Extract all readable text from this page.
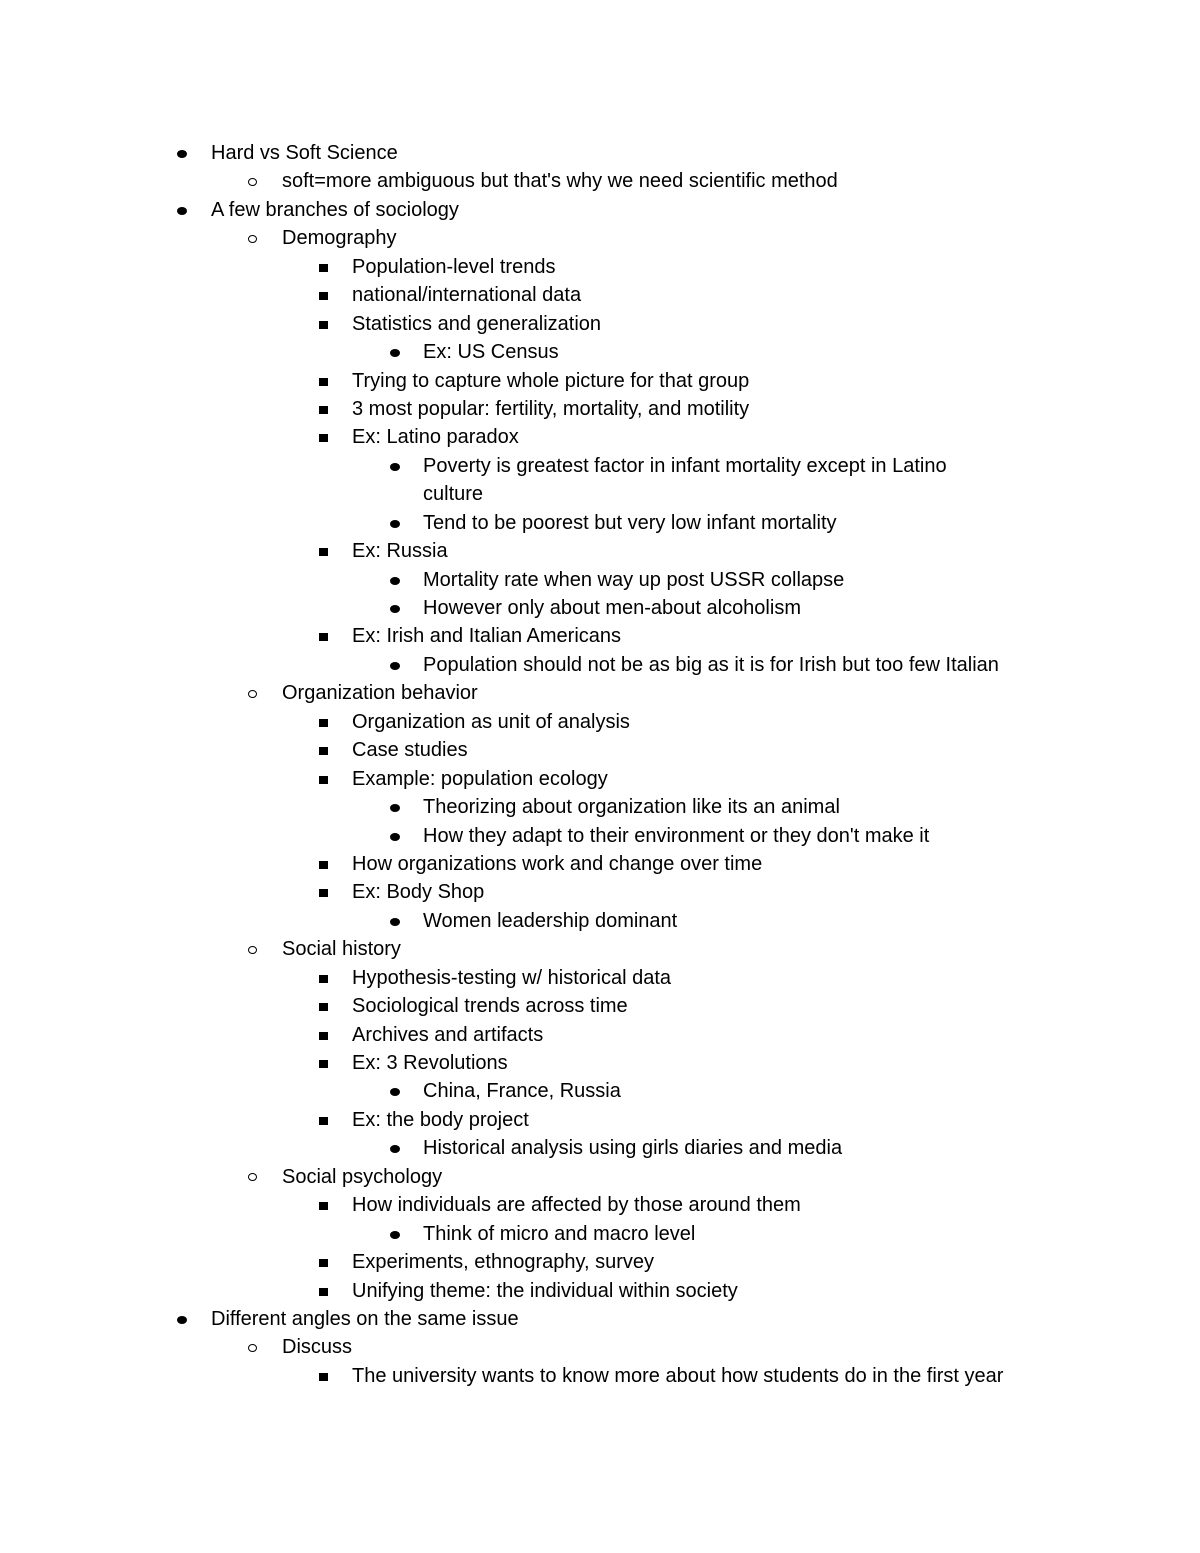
Hard vs Soft Science
soft=more ambiguous but that's why we need scientific method
A few branches of sociology
Demography
Population-level trends
national/international data
Statistics and generalization
Ex: US Census
Trying to capture whole picture for that group
3 most popular: fertility, mortality, and motility
Ex: Latino paradox
Poverty is greatest factor in infant mortality except in Latino
culture
Tend to be poorest but very low infant mortality
Ex: Russia
Mortality rate when way up post USSR collapse
However only about men-about alcoholism
Ex: Irish and Italian Americans
Population should not be as big as it is for Irish but too few Italian
Organization behavior
Organization as unit of analysis
Case studies
Example: population ecology
Theorizing about organization like its an animal
How they adapt to their environment or they don't make it
How organizations work and change over time
Ex: Body Shop
Women leadership dominant
Social history
Hypothesis-testing w/ historical data
Sociological trends across time
Archives and artifacts
Ex: 3 Revolutions
China, France, Russia
Ex: the body project
Historical analysis using girls diaries and media
Social psychology
How individuals are affected by those around them
Think of micro and macro level
Experiments, ethnography, survey
Unifying theme: the individual within society
Different angles on the same issue
Discuss
The university wants to know more about how students do in the first year
